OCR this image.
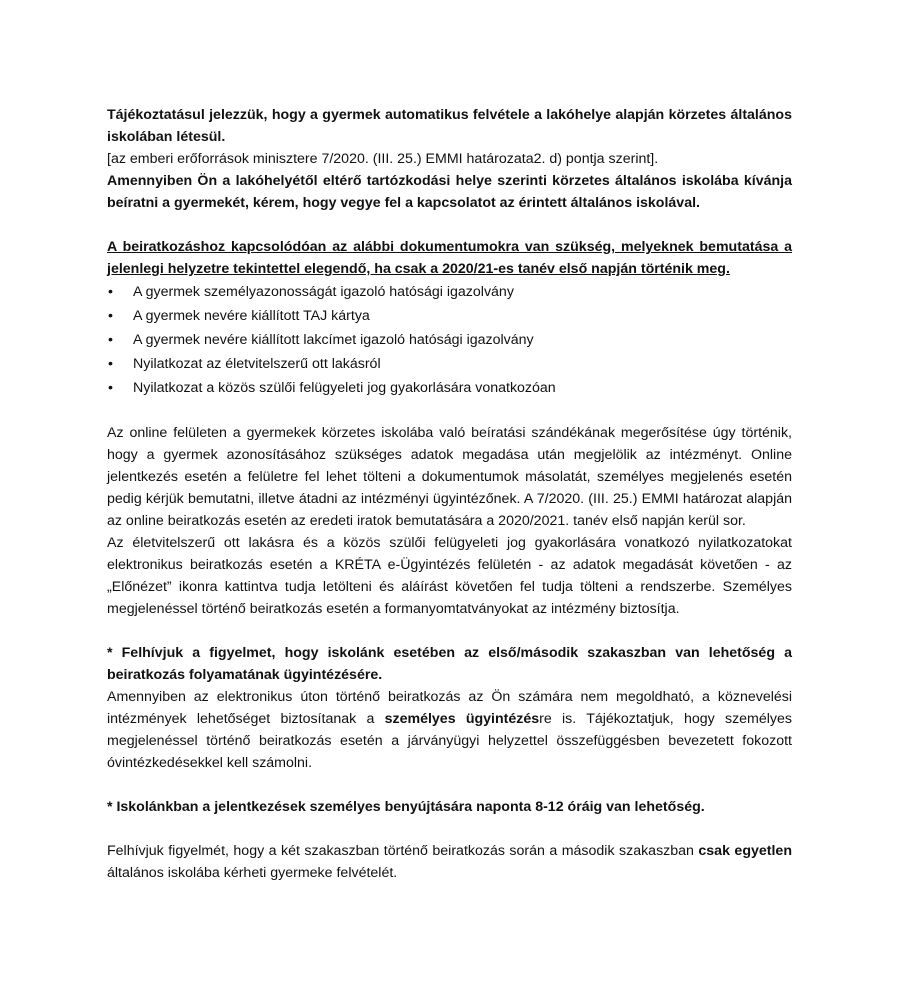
Tájékoztatásul jelezzük, hogy a gyermek automatikus felvétele a lakóhelye alapján körzetes általános iskolában létesül.

[az emberi erőforrások minisztere 7/2020. (III. 25.) EMMI határozata2. d) pontja szerint].

Amennyiben Ön a lakóhelyétől eltérő tartózkodási helye szerinti körzetes általános iskolába kívánja beíratni a gyermekét, kérem, hogy vegye fel a kapcsolatot az érintett általános iskolával.

A beiratkozáshoz kapcsolódóan az alábbi dokumentumokra van szükség, melyeknek bemutatása a jelenlegi helyzetre tekintettel elegendő, ha csak a 2020/21-es tanév első napján történik meg.

•	A gyermek személyazonosságát igazoló hatósági igazolvány
•	A gyermek nevére kiállított TAJ kártya
•	A gyermek nevére kiállított lakcímet igazoló hatósági igazolvány
•	Nyilatkozat az életvitelszerű ott lakásról
•	Nyilatkozat a közös szülői felügyeleti jog gyakorlására vonatkozóan

Az online felületen a gyermekek körzetes iskolába való beíratási szándékának megerősítése úgy történik, hogy a gyermek azonosításához szükséges adatok megadása után megjelölik az intézményt. Online jelentkezés esetén a felületre fel lehet tölteni a dokumentumok másolatát, személyes megjelenés esetén pedig kérjük bemutatni, illetve átadni az intézményi ügyintézőnek. A 7/2020. (III. 25.) EMMI határozat alapján az online beiratkozás esetén az eredeti iratok bemutatására a 2020/2021. tanév első napján kerül sor.

Az életvitelszerű ott lakásra és a közös szülői felügyeleti jog gyakorlására vonatkozó nyilatkozatokat elektronikus beiratkozás esetén a KRÉTA e-Ügyintézés felületén - az adatok megadását követően - az „Előnézet” ikonra kattintva tudja letölteni és aláírást követően fel tudja tölteni a rendszerbe. Személyes megjelenéssel történő beiratkozás esetén a formanyomtatványokat az intézmény biztosítja.

* Felhívjuk a figyelmet, hogy iskolánk esetében az első/második szakaszban van lehetőség a beiratkozás folyamatának ügyintézésére.

Amennyiben az elektronikus úton történő beiratkozás az Ön számára nem megoldható, a köznevelési intézmények lehetőséget biztosítanak a személyes ügyintézésre is. Tájékoztatjuk, hogy személyes megjelenéssel történő beiratkozás esetén a járványügyi helyzettel összefüggésben bevezetett fokozott óvintézkedésekkel kell számolni.

* Iskolánkban a jelentkezések személyes benyújtására naponta 8-12 óráig van lehetőség.

Felhívjuk figyelmét, hogy a két szakaszban történő beiratkozás során a második szakaszban csak egyetlen általános iskolába kérheti gyermeke felvételét.
